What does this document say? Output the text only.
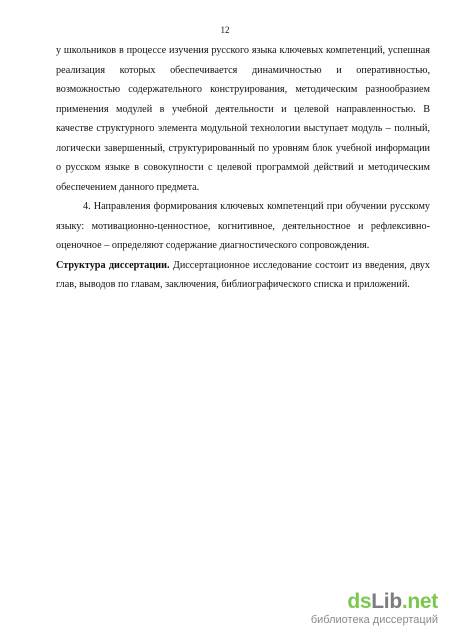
12

у школьников в процессе изучения русского языка ключевых компетенций, успешная реализация которых обеспечивается динамичностью и оперативностью, возможностью содержательного конструирования, методическим разнообразием применения модулей в учебной деятельности и целевой направленностью. В качестве структурного элемента модульной технологии выступает модуль – полный, логически завершенный, структурированный по уровням блок учебной информации о русском языке в совокупности с целевой программой действий и методическим обеспечением данного предмета.

4. Направления формирования ключевых компетенций при обучении русскому языку: мотивационно-ценностное, когнитивное, деятельностное и рефлексивно-оценочное – определяют содержание диагностического сопровождения.

Структура диссертации. Диссертационное исследование состоит из введения, двух глав, выводов по главам, заключения, библиографического списка и приложений.

dsLib.net
библиотека диссертаций
